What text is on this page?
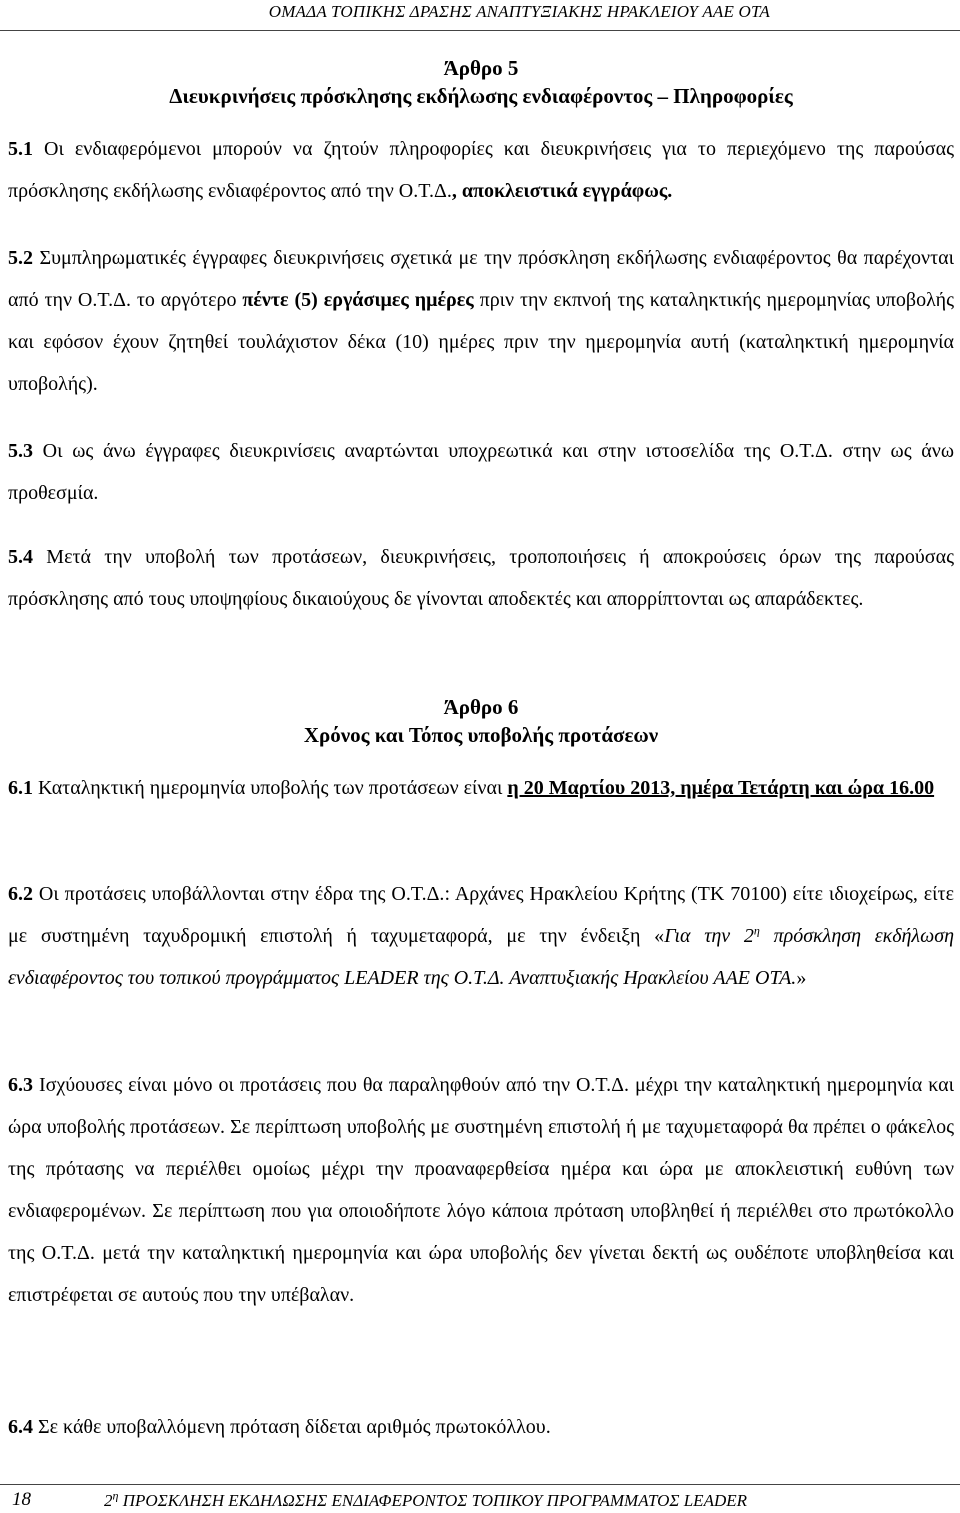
ΟΜΑΔΑ ΤΟΠΙΚΗΣ ΔΡΑΣΗΣ ΑΝΑΠΤΥΞΙΑΚΗΣ ΗΡΑΚΛΕΙΟΥ ΑΑΕ ΟΤΑ
Άρθρο 5
Διευκρινήσεις πρόσκλησης εκδήλωσης ενδιαφέροντος – Πληροφορίες

5.1 Οι ενδιαφερόμενοι μπορούν να ζητούν πληροφορίες και διευκρινήσεις για το περιεχόμενο της παρούσας πρόσκλησης εκδήλωσης ενδιαφέροντος από την Ο.Τ.Δ., αποκλειστικά εγγράφως.

5.2 Συμπληρωματικές έγγραφες διευκρινήσεις σχετικά με την πρόσκληση εκδήλωσης ενδιαφέροντος θα παρέχονται από την Ο.Τ.Δ. το αργότερο πέντε (5) εργάσιμες ημέρες πριν την εκπνοή της καταληκτικής ημερομηνίας υποβολής και εφόσον έχουν ζητηθεί τουλάχιστον δέκα (10) ημέρες πριν την ημερομηνία αυτή (καταληκτική ημερομηνία υποβολής).

5.3 Οι ως άνω έγγραφες διευκρινίσεις αναρτώνται υποχρεωτικά και στην ιστοσελίδα της Ο.Τ.Δ. στην ως άνω προθεσμία.

5.4 Μετά την υποβολή των προτάσεων, διευκρινήσεις, τροποποιήσεις ή αποκρούσεις όρων της παρούσας πρόσκλησης από τους υποψηφίους δικαιούχους δε γίνονται αποδεκτές και απορρίπτονται ως απαράδεκτες.

Άρθρο 6
Χρόνος και Τόπος υποβολής προτάσεων

6.1 Καταληκτική ημερομηνία υποβολής των προτάσεων είναι η 20 Μαρτίου 2013, ημέρα Τετάρτη και ώρα 16.00

6.2 Οι προτάσεις υποβάλλονται στην έδρα της Ο.Τ.Δ.: Αρχάνες Ηρακλείου Κρήτης (ΤΚ 70100) είτε ιδιοχείρως, είτε με συστημένη ταχυδρομική επιστολή ή ταχυμεταφορά, με την ένδειξη «Για την $2^\eta$ πρόσκληση εκδήλωση ενδιαφέροντος του τοπικού προγράμματος LEADER της Ο.Τ.Δ. Αναπτυξιακής Ηρακλείου ΑΑΕ ΟΤΑ.»

6.3 Ισχύουσες είναι μόνο οι προτάσεις που θα παραληφθούν από την Ο.Τ.Δ. μέχρι την καταληκτική ημερομηνία και ώρα υποβολής προτάσεων. Σε περίπτωση υποβολής με συστημένη επιστολή ή με ταχυμεταφορά θα πρέπει ο φάκελος της πρότασης να περιέλθει ομοίως μέχρι την προαναφερθείσα ημέρα και ώρα με αποκλειστική ευθύνη των ενδιαφερομένων. Σε περίπτωση που για οποιοδήποτε λόγο κάποια πρόταση υποβληθεί ή περιέλθει στο πρωτόκολλο της Ο.Τ.Δ. μετά την καταληκτική ημερομηνία και ώρα υποβολής δεν γίνεται δεκτή ως ουδέποτε υποβληθείσα και επιστρέφεται σε αυτούς που την υπέβαλαν.

6.4 Σε κάθε υποβαλλόμενη πρόταση δίδεται αριθμός πρωτοκόλλου.

18	$2^\eta$ ΠΡΟΣΚΛΗΣΗ ΕΚΔΗΛΩΣΗΣ ΕΝΔΙΑΦΕΡΟΝΤΟΣ ΤΟΠΙΚΟΥ ΠΡΟΓΡΑΜΜΑΤΟΣ LEADER
